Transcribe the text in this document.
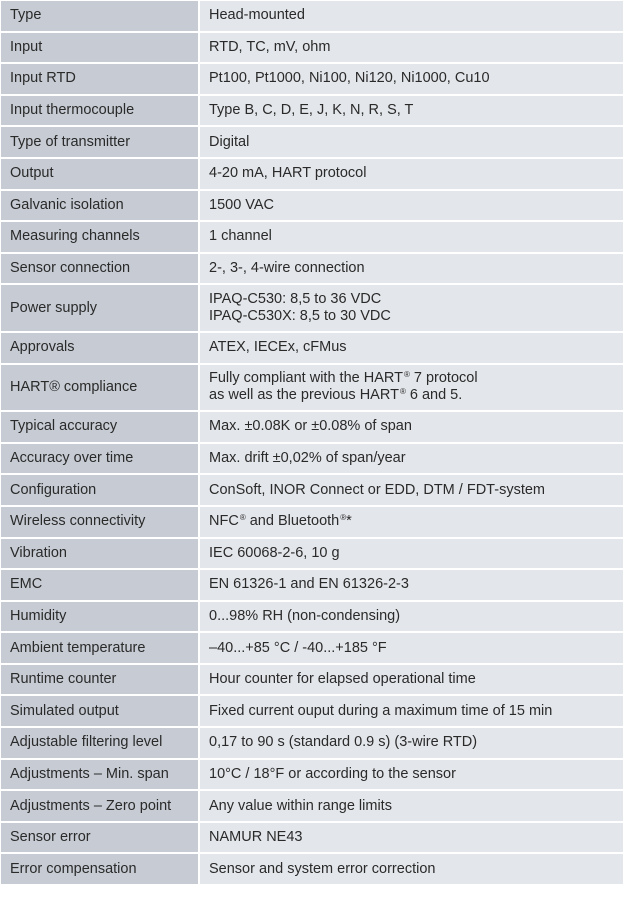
Type	Head-mounted

Input	RTD, TC, mV, ohm

Input RTD	Pt100, Pt1000, Ni100, Ni120, Ni1000, Cu10

Input thermocouple	Type B, C, D, E, J, K, N, R, S, T

Type of transmitter	Digital

Output	4-20 mA, HART protocol

Galvanic isolation	1500 VAC

Measuring channels	1 channel

Sensor connection	2-, 3-, 4-wire connection

Power supply	IPAQ-C530: 8,5 to 36 VDC
IPAQ-C530X: 8,5 to 30 VDC

Approvals	ATEX, IECEx, cFMus

HART® compliance	Fully compliant with the HART® 7 protocol
as well as the previous HART® 6 and 5.

Typical accuracy	Max. ±0.08K or ±0.08% of span

Accuracy over time	Max. drift ±0,02% of span/year

Configuration	ConSoft, INOR Connect or EDD, DTM / FDT-system

Wireless connectivity	NFC® and Bluetooth®*

Vibration	IEC 60068-2-6, 10 g

EMC	EN 61326-1 and EN 61326-2-3

Humidity	0...98% RH (non-condensing)

Ambient temperature	–40...+85 °C / -40...+185 °F

Runtime counter	Hour counter for elapsed operational time

Simulated output	Fixed current ouput during a maximum time of 15 min

Adjustable filtering level	0,17 to 90 s (standard 0.9 s) (3-wire RTD)

Adjustments – Min. span	10°C / 18°F or according to the sensor

Adjustments – Zero point	Any value within range limits

Sensor error	NAMUR NE43

Error compensation	Sensor and system error correction
